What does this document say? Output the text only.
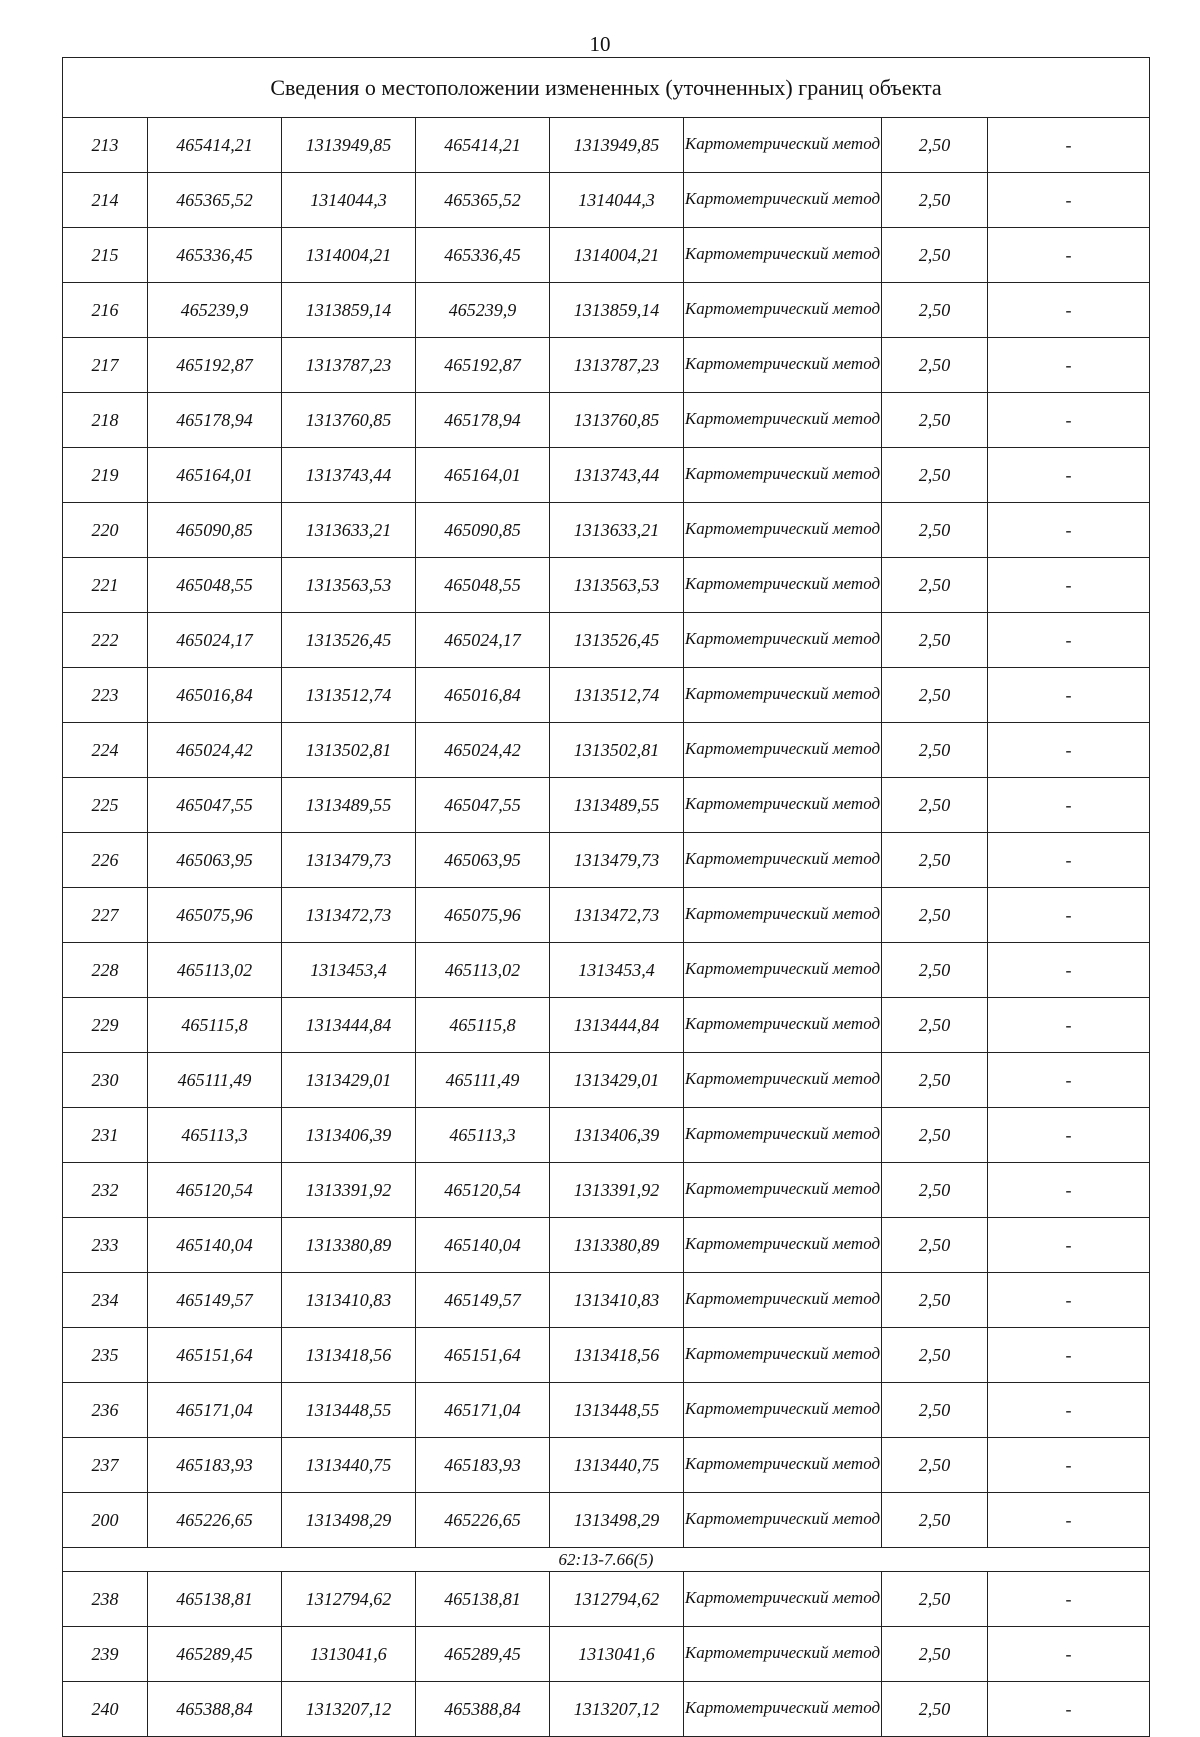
10
Сведения о местоположении измененных (уточненных) границ объекта							
213	465414,21	1313949,85	465414,21	1313949,85	Картометрический метод	2,50	-
214	465365,52	1314044,3	465365,52	1314044,3	Картометрический метод	2,50	-
215	465336,45	1314004,21	465336,45	1314004,21	Картометрический метод	2,50	-
216	465239,9	1313859,14	465239,9	1313859,14	Картометрический метод	2,50	-
217	465192,87	1313787,23	465192,87	1313787,23	Картометрический метод	2,50	-
218	465178,94	1313760,85	465178,94	1313760,85	Картометрический метод	2,50	-
219	465164,01	1313743,44	465164,01	1313743,44	Картометрический метод	2,50	-
220	465090,85	1313633,21	465090,85	1313633,21	Картометрический метод	2,50	-
221	465048,55	1313563,53	465048,55	1313563,53	Картометрический метод	2,50	-
222	465024,17	1313526,45	465024,17	1313526,45	Картометрический метод	2,50	-
223	465016,84	1313512,74	465016,84	1313512,74	Картометрический метод	2,50	-
224	465024,42	1313502,81	465024,42	1313502,81	Картометрический метод	2,50	-
225	465047,55	1313489,55	465047,55	1313489,55	Картометрический метод	2,50	-
226	465063,95	1313479,73	465063,95	1313479,73	Картометрический метод	2,50	-
227	465075,96	1313472,73	465075,96	1313472,73	Картометрический метод	2,50	-
228	465113,02	1313453,4	465113,02	1313453,4	Картометрический метод	2,50	-
229	465115,8	1313444,84	465115,8	1313444,84	Картометрический метод	2,50	-
230	465111,49	1313429,01	465111,49	1313429,01	Картометрический метод	2,50	-
231	465113,3	1313406,39	465113,3	1313406,39	Картометрический метод	2,50	-
232	465120,54	1313391,92	465120,54	1313391,92	Картометрический метод	2,50	-
233	465140,04	1313380,89	465140,04	1313380,89	Картометрический метод	2,50	-
234	465149,57	1313410,83	465149,57	1313410,83	Картометрический метод	2,50	-
235	465151,64	1313418,56	465151,64	1313418,56	Картометрический метод	2,50	-
236	465171,04	1313448,55	465171,04	1313448,55	Картометрический метод	2,50	-
237	465183,93	1313440,75	465183,93	1313440,75	Картометрический метод	2,50	-
200	465226,65	1313498,29	465226,65	1313498,29	Картометрический метод	2,50	-
62:13-7.66(5)							
238	465138,81	1312794,62	465138,81	1312794,62	Картометрический метод	2,50	-
239	465289,45	1313041,6	465289,45	1313041,6	Картометрический метод	2,50	-
240	465388,84	1313207,12	465388,84	1313207,12	Картометрический метод	2,50	-
